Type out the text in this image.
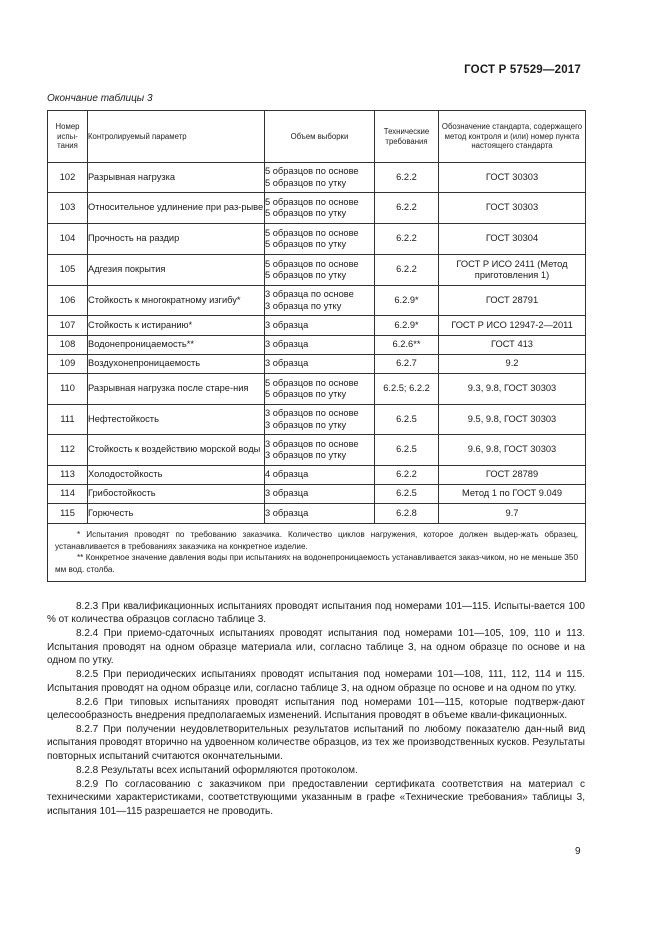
ГОСТ Р 57529—2017
Окончание таблицы 3
Номер испы-тания	Контролируемый параметр	Объем выборки	Технические требования	Обозначение стандарта, содержащего метод контроля и (или) номер пункта настоящего стандарта
102	Разрывная нагрузка	5 образцов по основе
5 образцов по утку	6.2.2	ГОСТ 30303
103	Относительное удлинение при раз-рыве	5 образцов по основе
5 образцов по утку	6.2.2	ГОСТ 30303
104	Прочность на раздир	5 образцов по основе
5 образцов по утку	6.2.2	ГОСТ 30304
105	Адгезия покрытия	5 образцов по основе
5 образцов по утку	6.2.2	ГОСТ Р ИСО 2411 (Метод приготовления 1)
106	Стойкость к многократному изгибу*	3 образца по основе
3 образца по утку	6.2.9*	ГОСТ 28791
107	Стойкость к истиранию*	3 образца	6.2.9*	ГОСТ Р ИСО 12947-2—2011
108	Водонепроницаемость**	3 образца	6.2.6**	ГОСТ 413
109	Воздухонепроницаемость	3 образца	6.2.7	9.2
110	Разрывная нагрузка после старе-ния	5 образцов по основе
5 образцов по утку	6.2.5; 6.2.2	9.3, 9.8, ГОСТ 30303
111	Нефтестойкость	3 образцов по основе
3 образцов по утку	6.2.5	9.5, 9.8, ГОСТ 30303
112	Стойкость к воздействию морской воды	3 образцов по основе
3 образцов по утку	6.2.5	9.6, 9.8, ГОСТ 30303
113	Холодостойкость	4 образца	6.2.2	ГОСТ 28789
114	Грибостойкость	3 образца	6.2.5	Метод 1 по ГОСТ 9.049
115	Горючесть	3 образца	6.2.8	9.7

* Испытания проводят по требованию заказчика. Количество циклов нагружения, которое должен выдер-жать образец, устанавливается в требованиях заказчика на конкретное изделие.

** Конкретное значение давления воды при испытаниях на водонепроницаемость устанавливается заказ-чиком, но не меньше 350 мм вод. столба.				

8.2.3 При квалификационных испытаниях проводят испытания под номерами 101—115. Испыты-вается 100 % от количества образцов согласно таблице 3.

8.2.4 При приемо-сдаточных испытаниях проводят испытания под номерами 101—105, 109, 110 и 113. Испытания проводят на одном образце материала или, согласно таблице 3, на одном образце по основе и на одном по утку.

8.2.5 При периодических испытаниях проводят испытания под номерами 101—108, 111, 112, 114 и 115. Испытания проводят на одном образце или, согласно таблице 3, на одном образце по основе и на одном по утку.

8.2.6 При типовых испытаниях проводят испытания под номерами 101—115, которые подтверж-дают целесообразность внедрения предполагаемых изменений. Испытания проводят в объеме квали-фикационных.

8.2.7 При получении неудовлетворительных результатов испытаний по любому показателю дан-ный вид испытания проводят вторично на удвоенном количестве образцов, из тех же производственных кусков. Результаты повторных испытаний считаются окончательными.

8.2.8 Результаты всех испытаний оформляются протоколом.

8.2.9 По согласованию с заказчиком при предоставлении сертификата соответствия на материал с техническими характеристиками, соответствующими указанным в графе «Технические требования» таблицы 3, испытания 101—115 разрешается не проводить.

9
